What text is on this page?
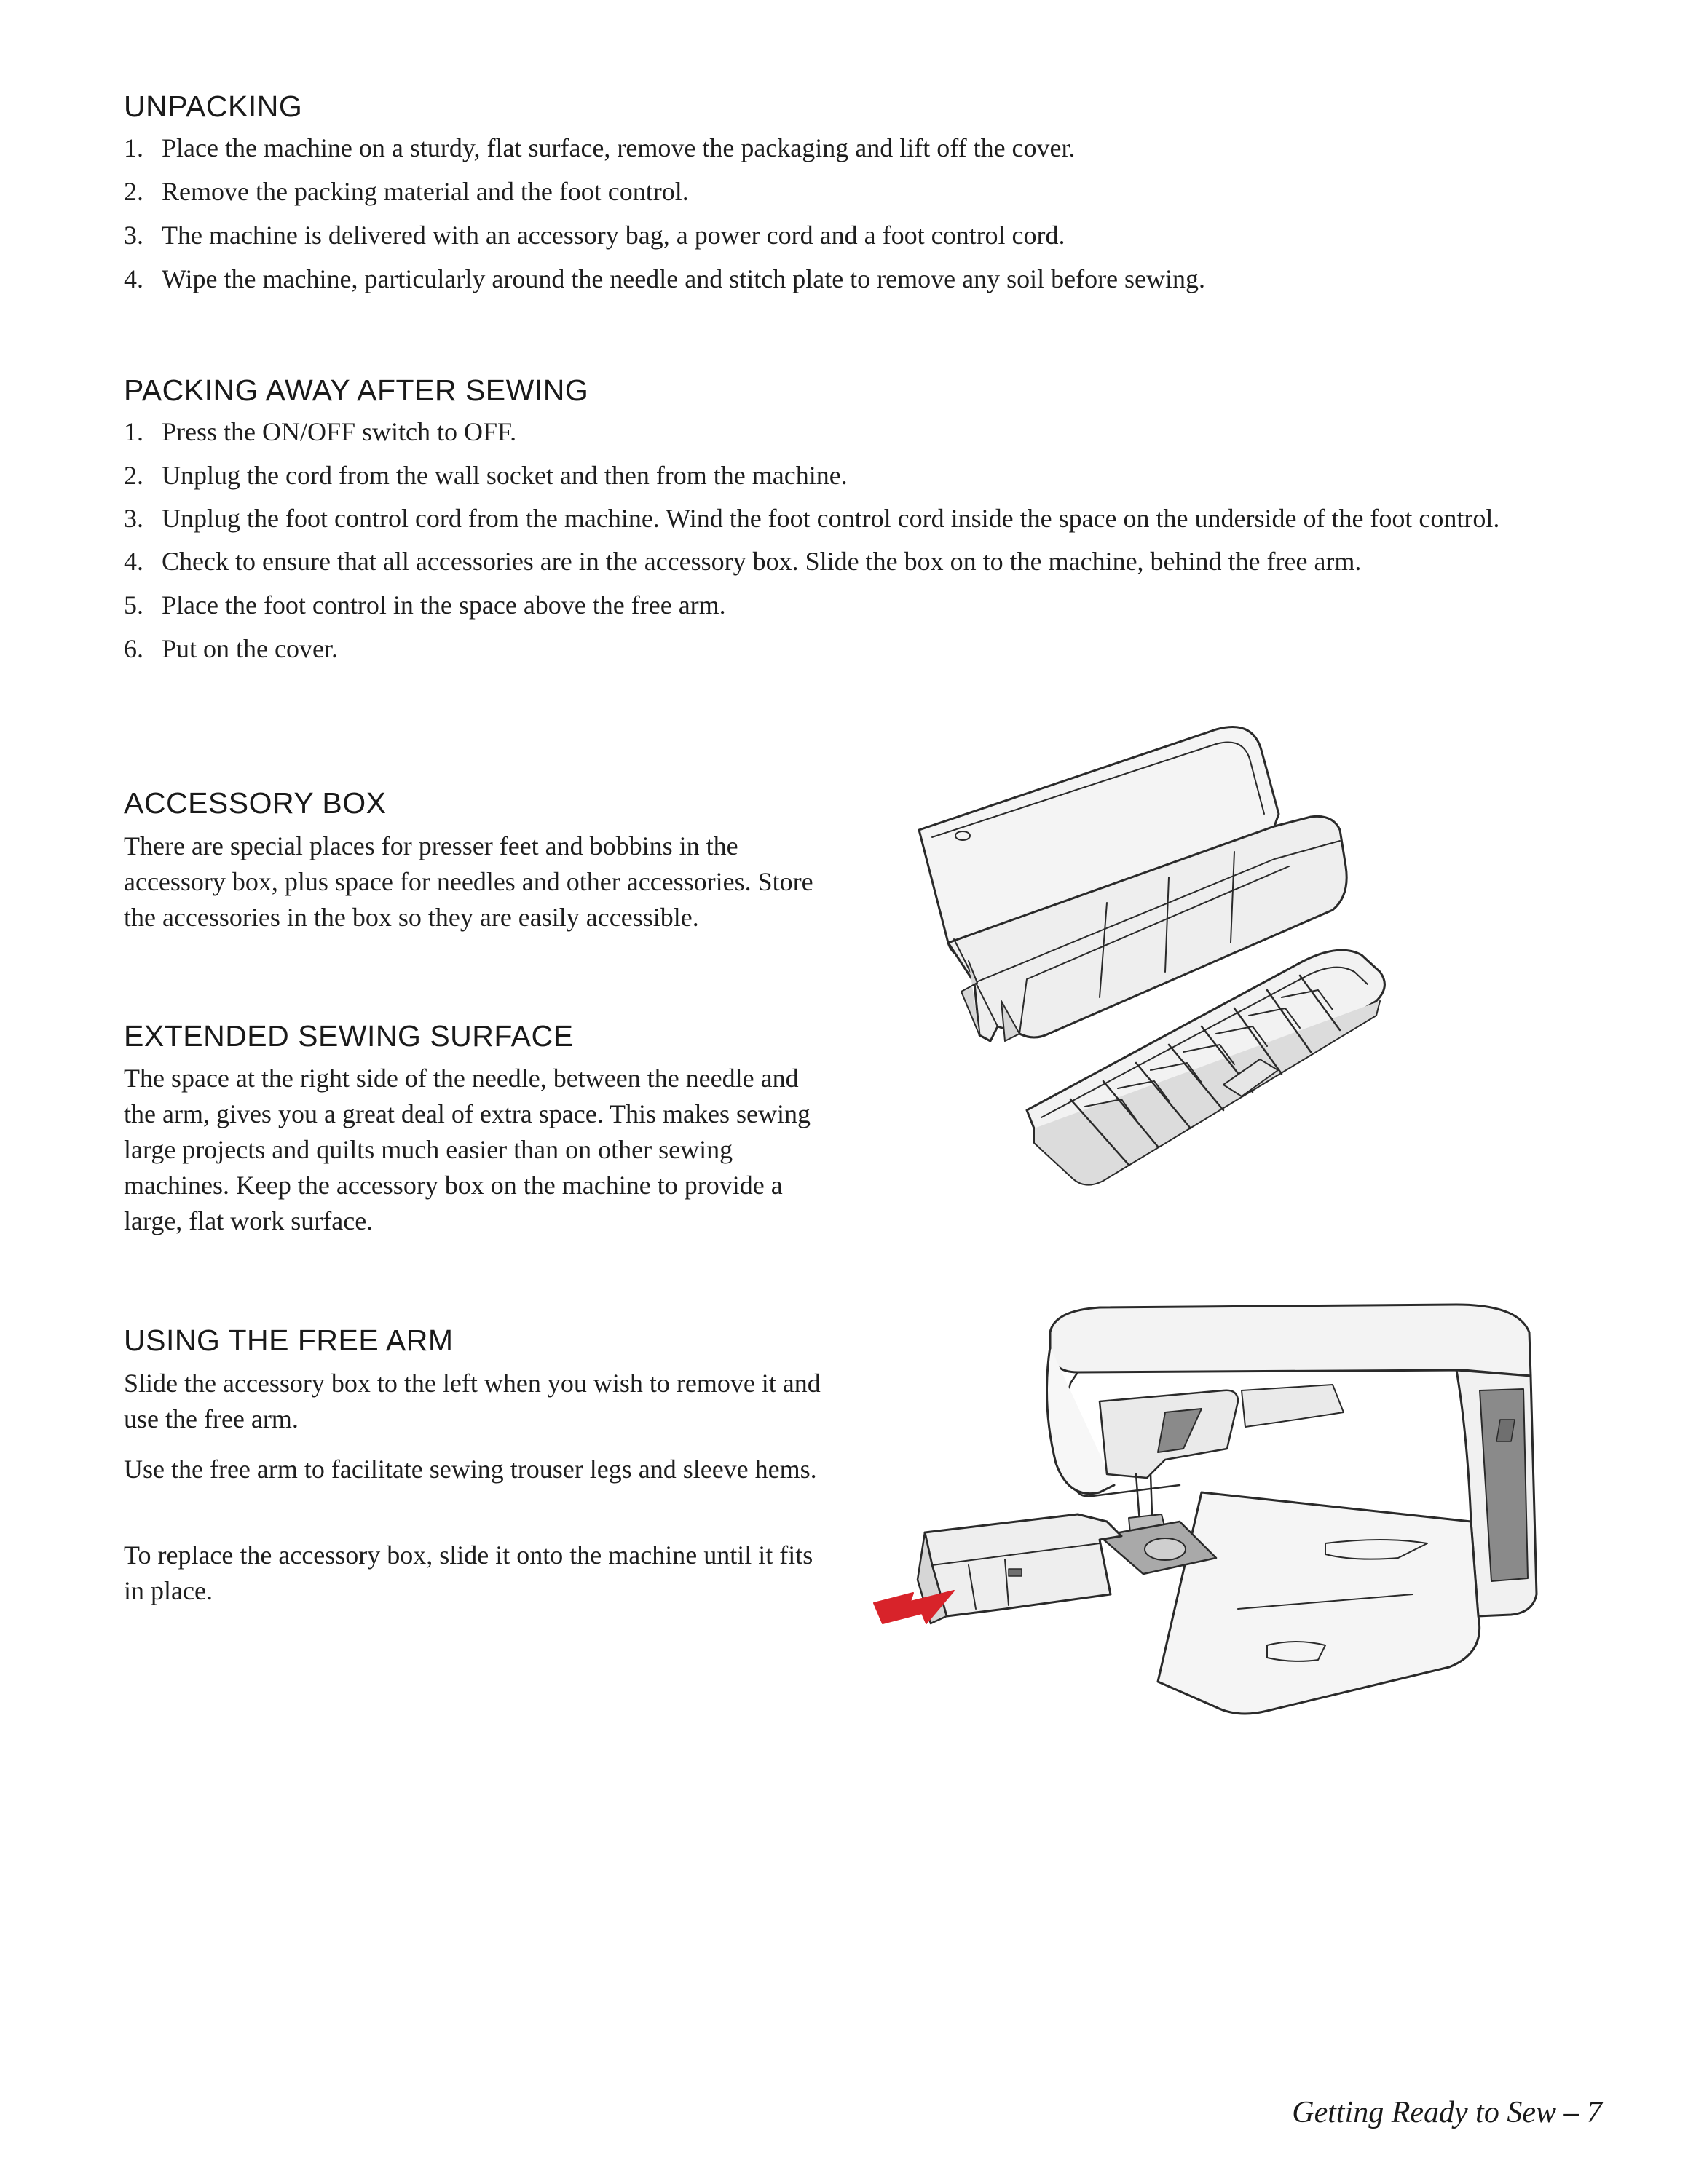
UNPACKING
1. Place the machine on a sturdy, flat surface, remove the packaging and lift off the cover.
2. Remove the packing material and the foot control.
3. The machine is delivered with an accessory bag, a power cord and a foot control cord.
4. Wipe the machine, particularly around the needle and stitch plate to remove any soil before sewing.
PACKING AWAY AFTER SEWING
1. Press the ON/OFF switch to OFF.
2. Unplug the cord from the wall socket and then from the machine.
3. Unplug the foot control cord from the machine. Wind the foot control cord inside the space on the underside of the foot control.
4. Check to ensure that all accessories are in the accessory box. Slide the box on to the machine, behind the free arm.
5. Place the foot control in the space above the free arm.
6. Put on the cover.
ACCESSORY BOX

There are special places for presser feet and bobbins in the accessory box, plus space for needles and other accessories. Store the accessories in the box so they are easily accessible.

EXTENDED SEWING SURFACE

The space at the right side of the needle, between the needle and the arm, gives you a great deal of extra space. This makes sewing large projects and quilts much easier than on other sewing machines. Keep the accessory box on the machine to provide a large, flat work surface.

USING THE FREE ARM

Slide the accessory box to the left when you wish to remove it and use the free arm.

Use the free arm to facilitate sewing trouser legs and sleeve hems.

To replace the accessory box, slide it onto the machine until it fits in place.

Getting Ready to Sew – 7
